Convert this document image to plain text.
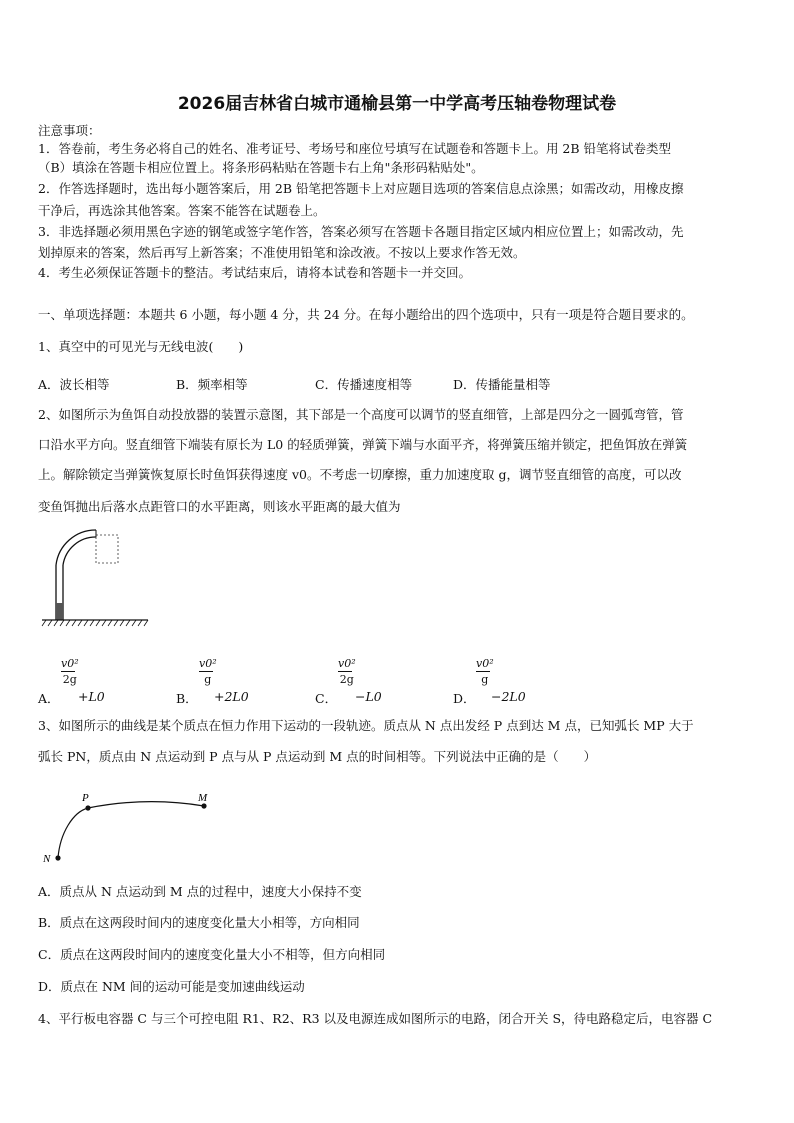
2026届吉林省白城市通榆县第一中学高考压轴卷物理试卷
注意事项：
1．答卷前，考生务必将自己的姓名、准考证号、考场号和座位号填写在试题卷和答题卡上。用 2B 铅笔将试卷类型
（B）填涂在答题卡相应位置上。将条形码粘贴在答题卡右上角"条形码粘贴处"。
2．作答选择题时，选出每小题答案后，用 2B 铅笔把答题卡上对应题目选项的答案信息点涂黑；如需改动，用橡皮擦
干净后，再选涂其他答案。答案不能答在试题卷上。
3．非选择题必须用黑色字迹的钢笔或签字笔作答，答案必须写在答题卡各题目指定区域内相应位置上；如需改动，先
划掉原来的答案，然后再写上新答案；不准使用铅笔和涂改液。不按以上要求作答无效。
4．考生必须保证答题卡的整洁。考试结束后，请将本试卷和答题卡一并交回。
一、单项选择题：本题共 6 小题，每小题 4 分，共 24 分。在每小题给出的四个选项中，只有一项是符合题目要求的。
1、真空中的可见光与无线电波(　　)
A．波长相等	B．频率相等	C．传播速度相等	D．传播能量相等
2、如图所示为鱼饵自动投放器的装置示意图，其下部是一个高度可以调节的竖直细管，上部是四分之一圆弧弯管，管
口沿水平方向。竖直细管下端装有原长为 L0 的轻质弹簧，弹簧下端与水面平齐，将弹簧压缩并锁定，把鱼饵放在弹簧
上。解除锁定当弹簧恢复原长时鱼饵获得速度 v0。不考虑一切摩擦，重力加速度取 g，调节竖直细管的高度，可以改
变鱼饵抛出后落水点距管口的水平距离，则该水平距离的最大值为
A．
v0²
2g
+L0	B．
v0²
g
+2L0	C．
v0²
2g
−L0	D．
v0²
g
−2L0
3、如图所示的曲线是某个质点在恒力作用下运动的一段轨迹。质点从 N 点出发经 P 点到达 M 点，已知弧长 MP 大于
弧长 PN，质点由 N 点运动到 P 点与从 P 点运动到 M 点的时间相等。下列说法中正确的是（　　）
P	M
N
A．质点从 N 点运动到 M 点的过程中，速度大小保持不变
B．质点在这两段时间内的速度变化量大小相等，方向相同
C．质点在这两段时间内的速度变化量大小不相等，但方向相同
D．质点在 NM 间的运动可能是变加速曲线运动
4、平行板电容器 C 与三个可控电阻 R1、R2、R3 以及电源连成如图所示的电路，闭合开关 S，待电路稳定后，电容器 C
